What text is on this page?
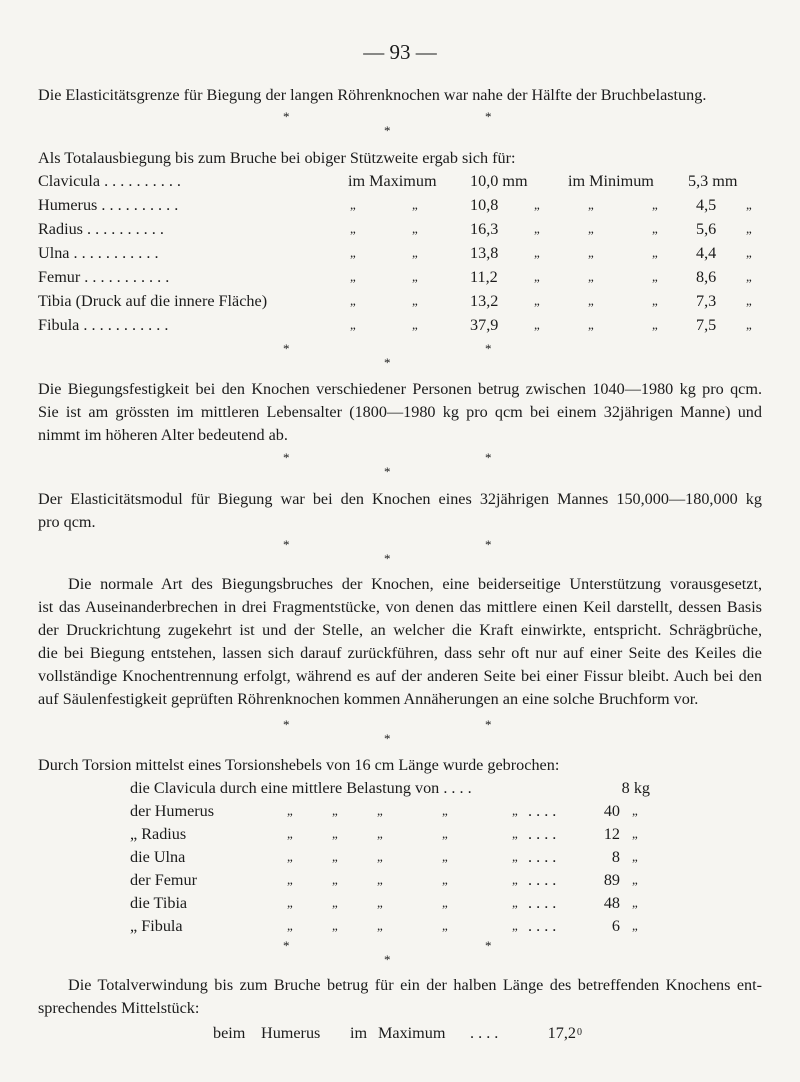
— 93 —
Die Elasticitätsgrenze für Biegung der langen Röhrenknochen war nahe der Hälfte der Bruchbelastung.
*	*
*
Als Totalausbiegung bis zum Bruche bei obiger Stützweite ergab sich für:
Clavicula . . . . . . . . . .	im Maximum 10,0 mm im Minimum 5,3 mm
Humerus . . . . . . . . . .	„	„	10,8	„	„	„ 4,5 „
Radius . . . . . . . . . .	„	„	16,3	„	„	„ 5,6 „
Ulna . . . . . . . . . . .	„	„	13,8	„	„	„ 4,4 „
Femur . . . . . . . . . . .	„	„	11,2	„	„	„ 8,6 „
Tibia (Druck auf die innere Fläche)	„	„	13,2	„	„	„ 7,3 „
Fibula . . . . . . . . . . .	„	„	37,9	„	„	„ 7,5 „
*	*
*
Die Biegungsfestigkeit bei den Knochen verschiedener Personen betrug zwischen 1040—1980 kg pro qcm.
Sie ist am grössten im mittleren Lebensalter (1800—1980 kg pro qcm bei einem 32jährigen Manne) und
nimmt im höheren Alter bedeutend ab.
*	*
*
Der Elasticitätsmodul für Biegung war bei den Knochen eines 32jährigen Mannes 150,000—180,000 kg
pro qcm.
*	*
*
Die normale Art des Biegungsbruches der Knochen, eine beiderseitige Unterstützung vorausgesetzt,
ist das Auseinanderbrechen in drei Fragmentstücke, von denen das mittlere einen Keil darstellt, dessen Basis
der Druckrichtung zugekehrt ist und der Stelle, an welcher die Kraft einwirkte, entspricht. Schrägbrüche,
die bei Biegung entstehen, lassen sich darauf zurückführen, dass sehr oft nur auf einer Seite des Keiles die
vollständige Knochentrennung erfolgt, während es auf der anderen Seite bei einer Fissur bleibt. Auch bei den
auf Säulenfestigkeit geprüften Röhrenknochen kommen Annäherungen an eine solche Bruchform vor.
*	*
*
Durch Torsion mittelst eines Torsionshebels von 16 cm Länge wurde gebrochen:
die Clavicula durch eine mittlere Belastung von . . . .	8 kg
der Humerus	„	„	„	„	„ . . . .	40 „
„ Radius	„	„	„	„	„ . . . .	12 „
die Ulna	„	„	„	„	„ . . . .	8 „
der Femur	„	„	„	„	„ . . . .	89 „
die Tibia	„	„	„	„	„ . . . .	48 „
„ Fibula	„	„	„	„	„ . . . .	6 „
*	*
*
Die Totalverwindung bis zum Bruche betrug für ein der halben Länge des betreffenden Knochens ent-
sprechendes Mittelstück:
beim Humerus im Maximum . . . .	17,2 0
